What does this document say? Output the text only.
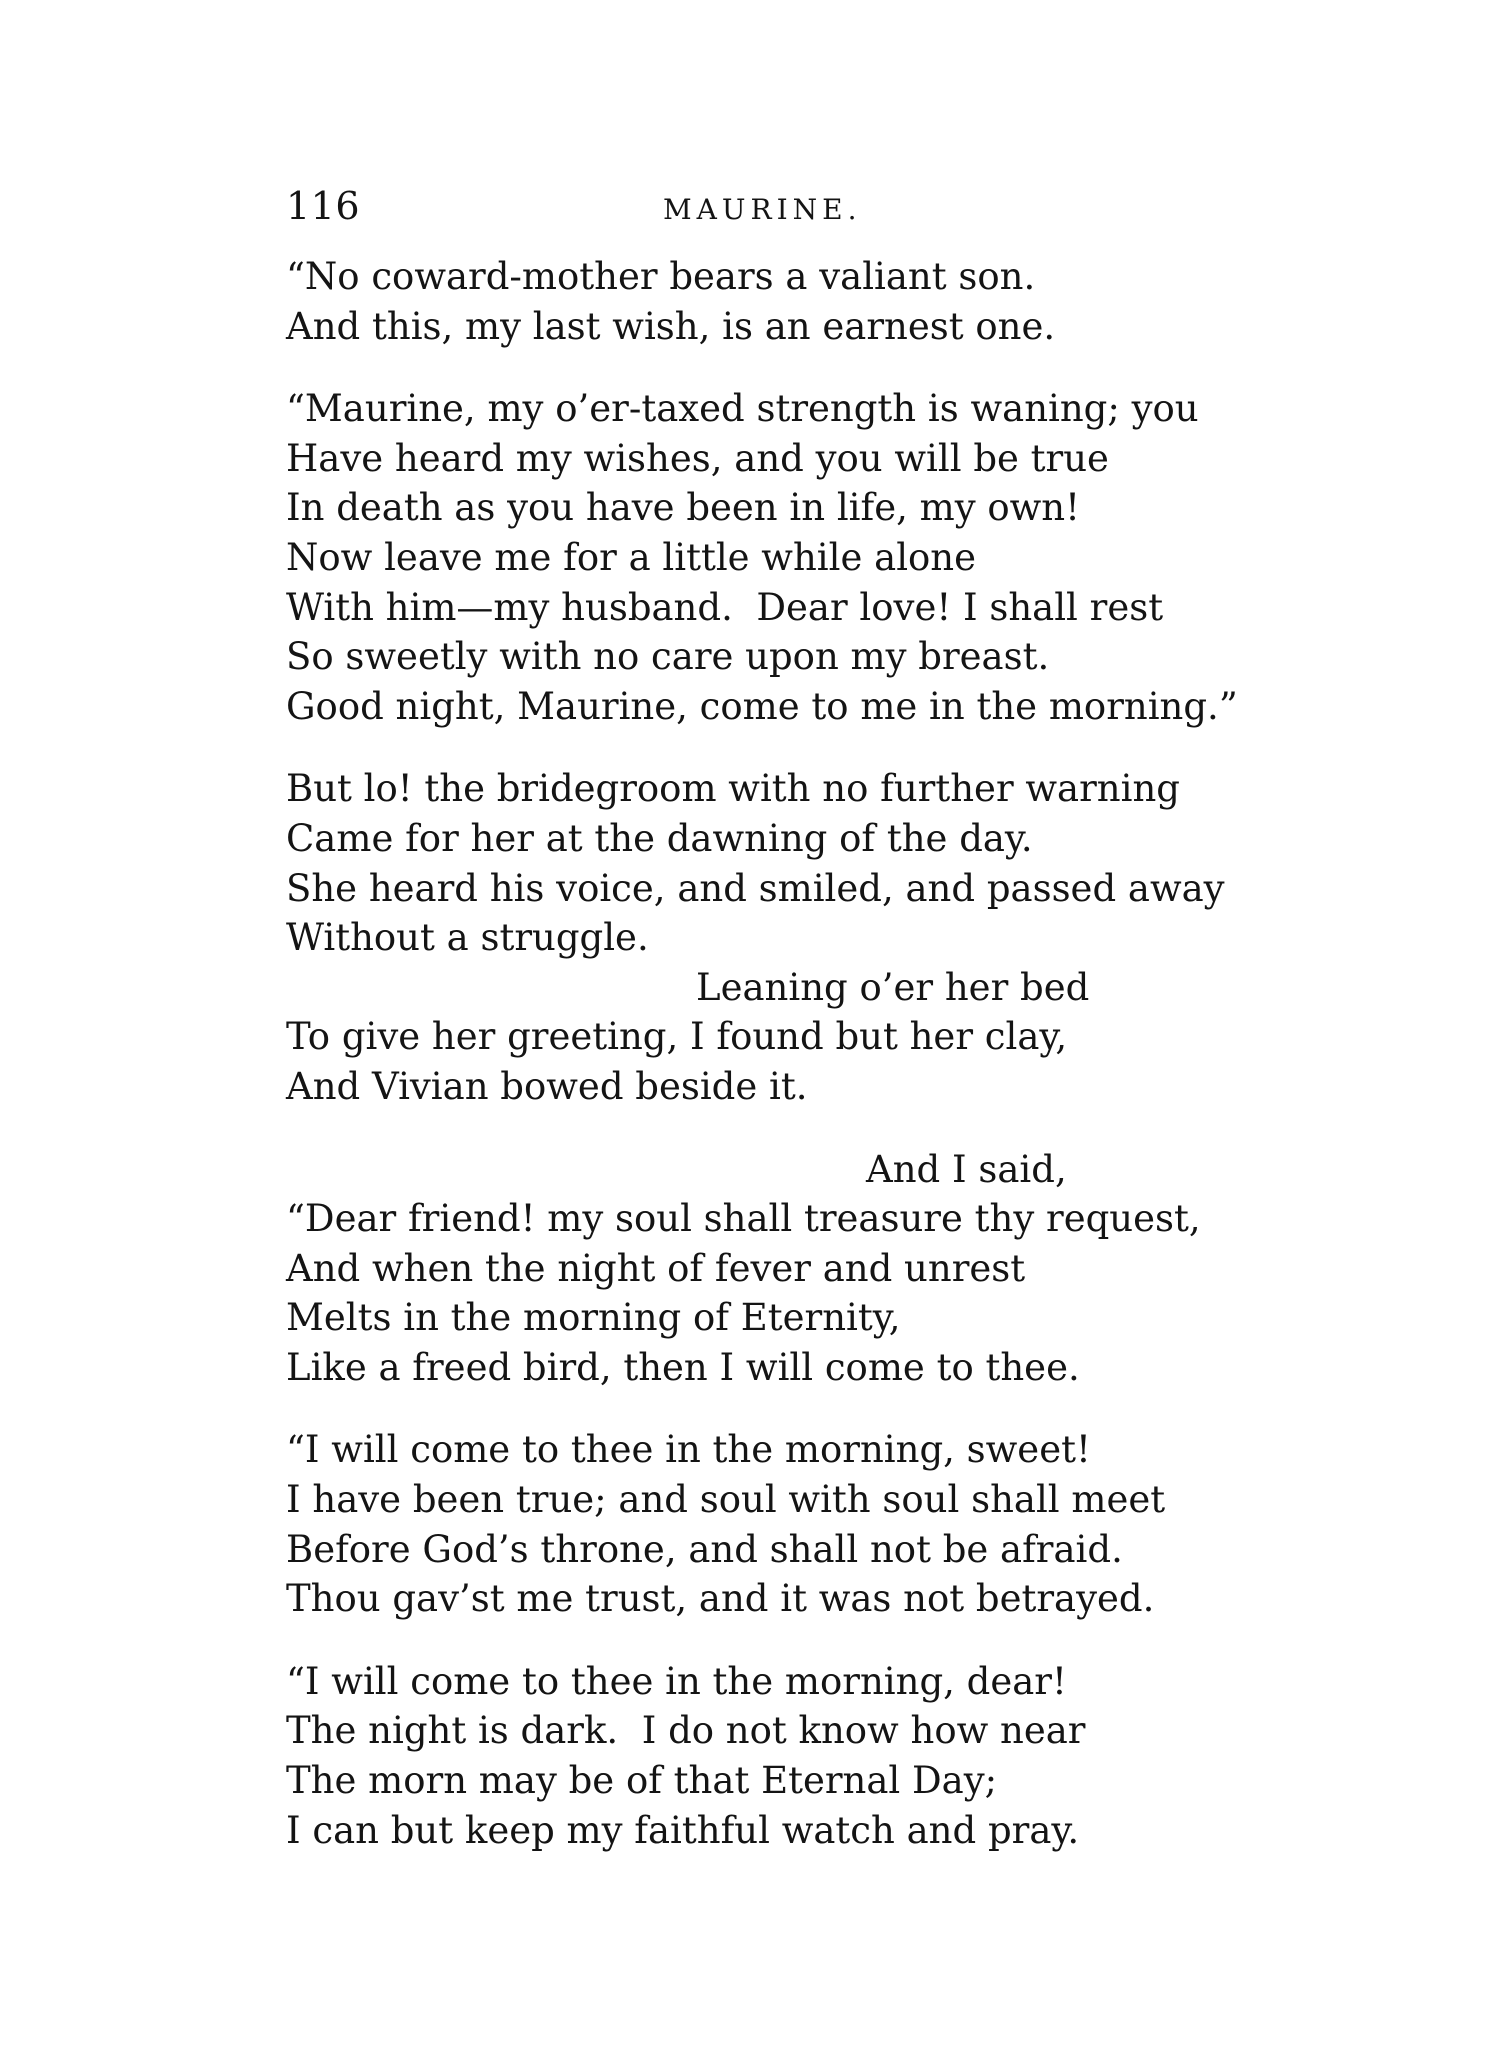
116	MAURINE.
“No coward-mother bears a valiant son.
And this, my last wish, is an earnest one.
“Maurine, my o’er-taxed strength is waning; you
Have heard my wishes, and you will be true
In death as you have been in life, my own!
Now leave me for a little while alone
With him—my husband.  Dear love! I shall rest
So sweetly with no care upon my breast.
Good night, Maurine, come to me in the morning.”
But lo! the bridegroom with no further warning
Came for her at the dawning of the day.
She heard his voice, and smiled, and passed away
Without a struggle.
Leaning o’er her bed
To give her greeting, I found but her clay,
And Vivian bowed beside it.
And I said,
“Dear friend! my soul shall treasure thy request,
And when the night of fever and unrest
Melts in the morning of Eternity,
Like a freed bird, then I will come to thee.
“I will come to thee in the morning, sweet!
I have been true; and soul with soul shall meet
Before God’s throne, and shall not be afraid.
Thou gav’st me trust, and it was not betrayed.
“I will come to thee in the morning, dear!
The night is dark.  I do not know how near
The morn may be of that Eternal Day;
I can but keep my faithful watch and pray.
